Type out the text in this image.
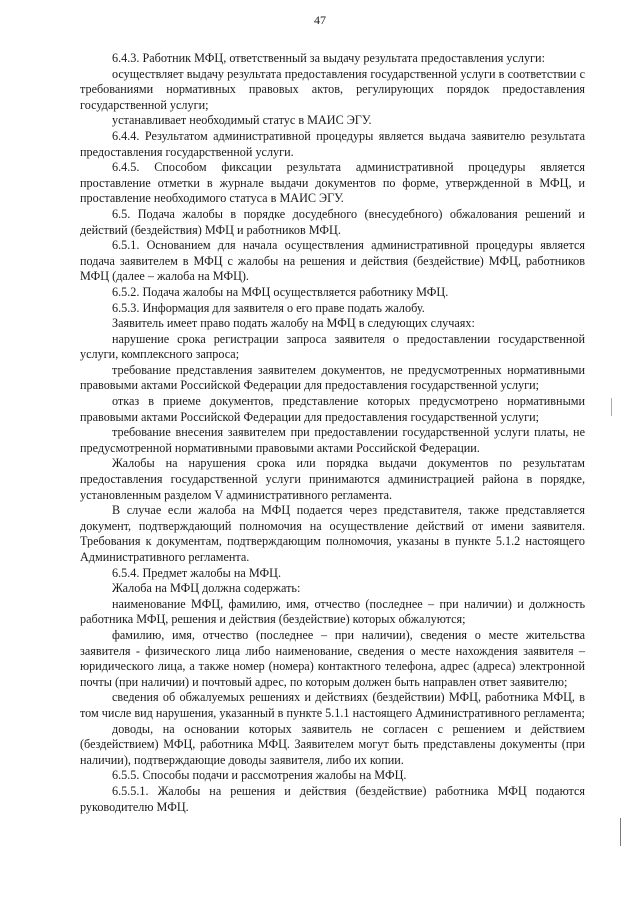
47

6.4.3. Работник МФЦ, ответственный за выдачу результата предоставления услуги:

осуществляет выдачу результата предоставления государственной услуги в соответствии с требованиями нормативных правовых актов, регулирующих порядок предоставления государственной услуги;

устанавливает необходимый статус в МАИС ЭГУ.

6.4.4. Результатом административной процедуры является выдача заявителю результата предоставления государственной услуги.

6.4.5. Способом фиксации результата административной процедуры является проставление отметки в журнале выдачи документов по форме, утвержденной в МФЦ, и проставление необходимого статуса в МАИС ЭГУ.

6.5. Подача жалобы в порядке досудебного (внесудебного) обжалования решений и действий (бездействия) МФЦ и работников МФЦ.

6.5.1. Основанием для начала осуществления административной процедуры является подача заявителем в МФЦ с жалобы на решения и действия (бездействие) МФЦ, работников МФЦ (далее – жалоба на МФЦ).

6.5.2. Подача жалобы на МФЦ осуществляется работнику МФЦ.

6.5.3. Информация для заявителя о его праве подать жалобу.

Заявитель имеет право подать жалобу на МФЦ в следующих случаях:

нарушение срока регистрации запроса заявителя о предоставлении государственной услуги, комплексного запроса;

требование представления заявителем документов, не предусмотренных нормативными правовыми актами Российской Федерации для предоставления государственной услуги;

отказ в приеме документов, представление которых предусмотрено нормативными правовыми актами Российской Федерации для предоставления государственной услуги;

требование внесения заявителем при предоставлении государственной услуги платы, не предусмотренной нормативными правовыми актами Российской Федерации.

Жалобы на нарушения срока или порядка выдачи документов по результатам предоставления государственной услуги принимаются администрацией района в порядке, установленным разделом V административного регламента.

В случае если жалоба на МФЦ подается через представителя, также представляется документ, подтверждающий полномочия на осуществление действий от имени заявителя. Требования к документам, подтверждающим полномочия, указаны в пункте 5.1.2 настоящего Административного регламента.

6.5.4. Предмет жалобы на МФЦ.

Жалоба на МФЦ должна содержать:

наименование МФЦ, фамилию, имя, отчество (последнее – при наличии) и должность работника МФЦ, решения и действия (бездействие) которых обжалуются;

фамилию, имя, отчество (последнее – при наличии), сведения о месте жительства заявителя - физического лица либо наименование, сведения о месте нахождения заявителя – юридического лица, а также номер (номера) контактного телефона, адрес (адреса) электронной почты (при наличии) и почтовый адрес, по которым должен быть направлен ответ заявителю;

сведения об обжалуемых решениях и действиях (бездействии) МФЦ, работника МФЦ, в том числе вид нарушения, указанный в пункте 5.1.1 настоящего Административного регламента;

доводы, на основании которых заявитель не согласен с решением и действием (бездействием) МФЦ, работника МФЦ. Заявителем могут быть представлены документы (при наличии), подтверждающие доводы заявителя, либо их копии.

6.5.5. Способы подачи и рассмотрения жалобы на МФЦ.

6.5.5.1. Жалобы на решения и действия (бездействие) работника МФЦ подаются руководителю МФЦ.
